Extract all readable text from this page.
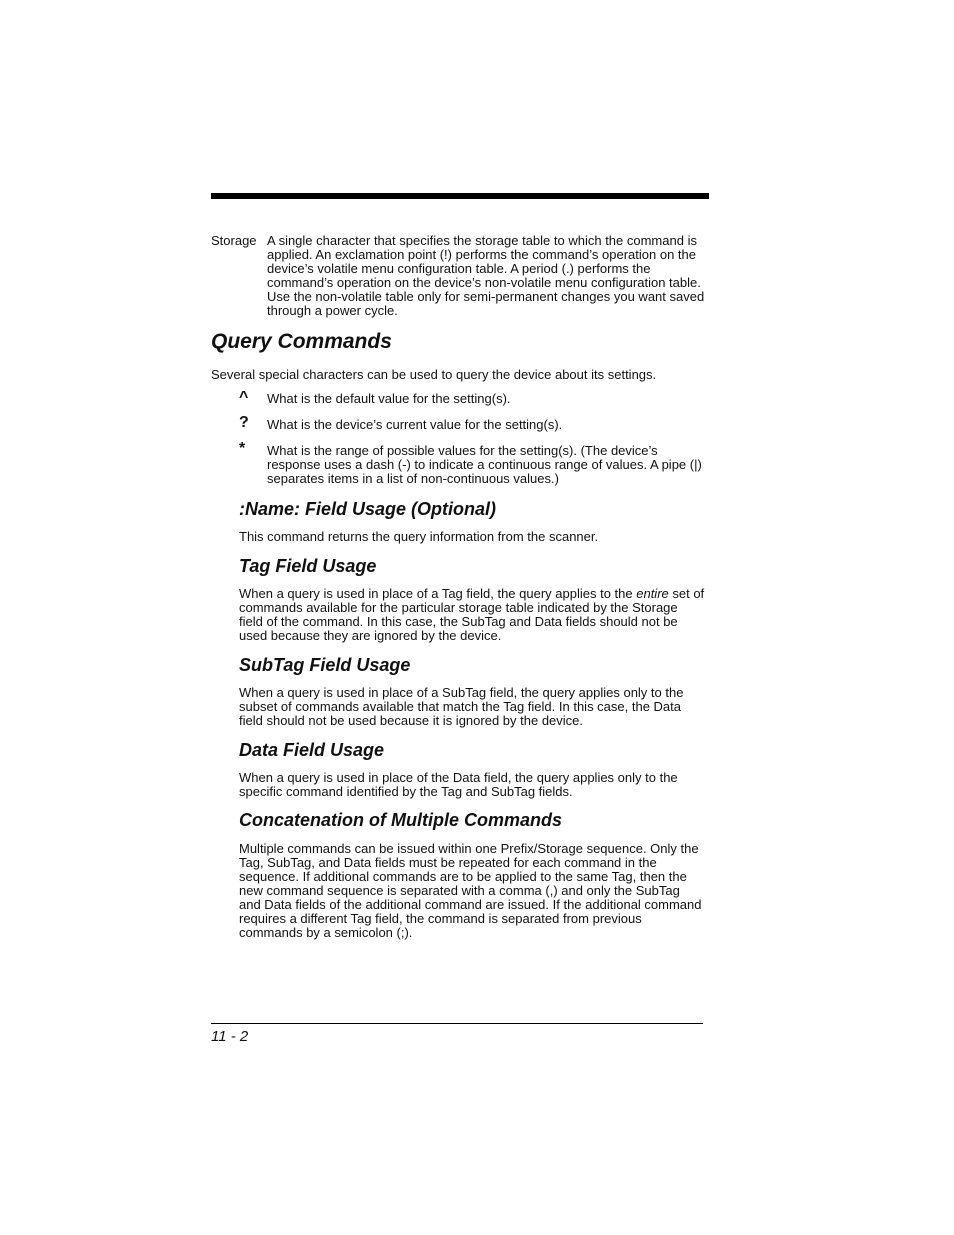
Storage A single character that specifies the storage table to which the command is applied. An exclamation point (!) performs the command’s operation on the device’s volatile menu configuration table. A period (.) performs the command’s operation on the device’s non-volatile menu configuration table. Use the non-volatile table only for semi-permanent changes you want saved through a power cycle.
Query Commands

Several special characters can be used to query the device about its settings.

^ What is the default value for the setting(s).

? What is the device’s current value for the setting(s).

* What is the range of possible values for the setting(s). (The device’s response uses a dash (-) to indicate a continuous range of values. A pipe (|) separates items in a list of non-continuous values.)

:Name: Field Usage (Optional)

This command returns the query information from the scanner.

Tag Field Usage

When a query is used in place of a Tag field, the query applies to the entire set of commands available for the particular storage table indicated by the Storage field of the command. In this case, the SubTag and Data fields should not be used because they are ignored by the device.

SubTag Field Usage

When a query is used in place of a SubTag field, the query applies only to the subset of commands available that match the Tag field. In this case, the Data field should not be used because it is ignored by the device.

Data Field Usage

When a query is used in place of the Data field, the query applies only to the specific command identified by the Tag and SubTag fields.

Concatenation of Multiple Commands

Multiple commands can be issued within one Prefix/Storage sequence. Only the Tag, SubTag, and Data fields must be repeated for each command in the sequence. If additional commands are to be applied to the same Tag, then the new command sequence is separated with a comma (,) and only the SubTag and Data fields of the additional command are issued. If the additional command requires a different Tag field, the command is separated from previous commands by a semicolon (;).

11 - 2
